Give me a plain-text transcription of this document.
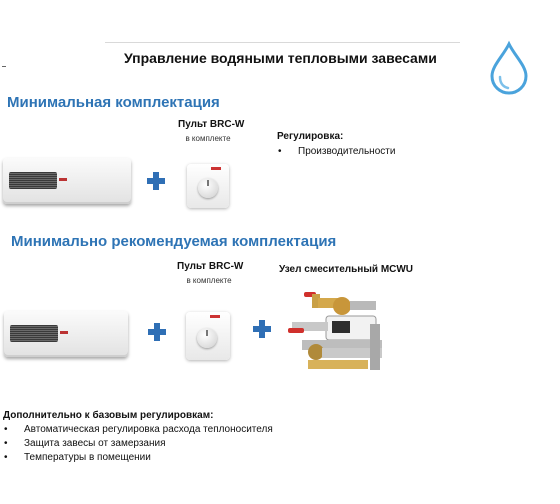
Управление водяными тепловыми завесами
Минимальная комплектация
Пульт BRC-W
в комплекте	Регулировка:
• Производительности
Минимально рекомендуемая комплектация
Пульт BRC-W
в комплекте
Узел смесительный MCWU
Дополнительно к базовым регулировкам:
• Автоматическая регулировка расхода теплоносителя
• Защита завесы от замерзания
• Температуры в помещении
